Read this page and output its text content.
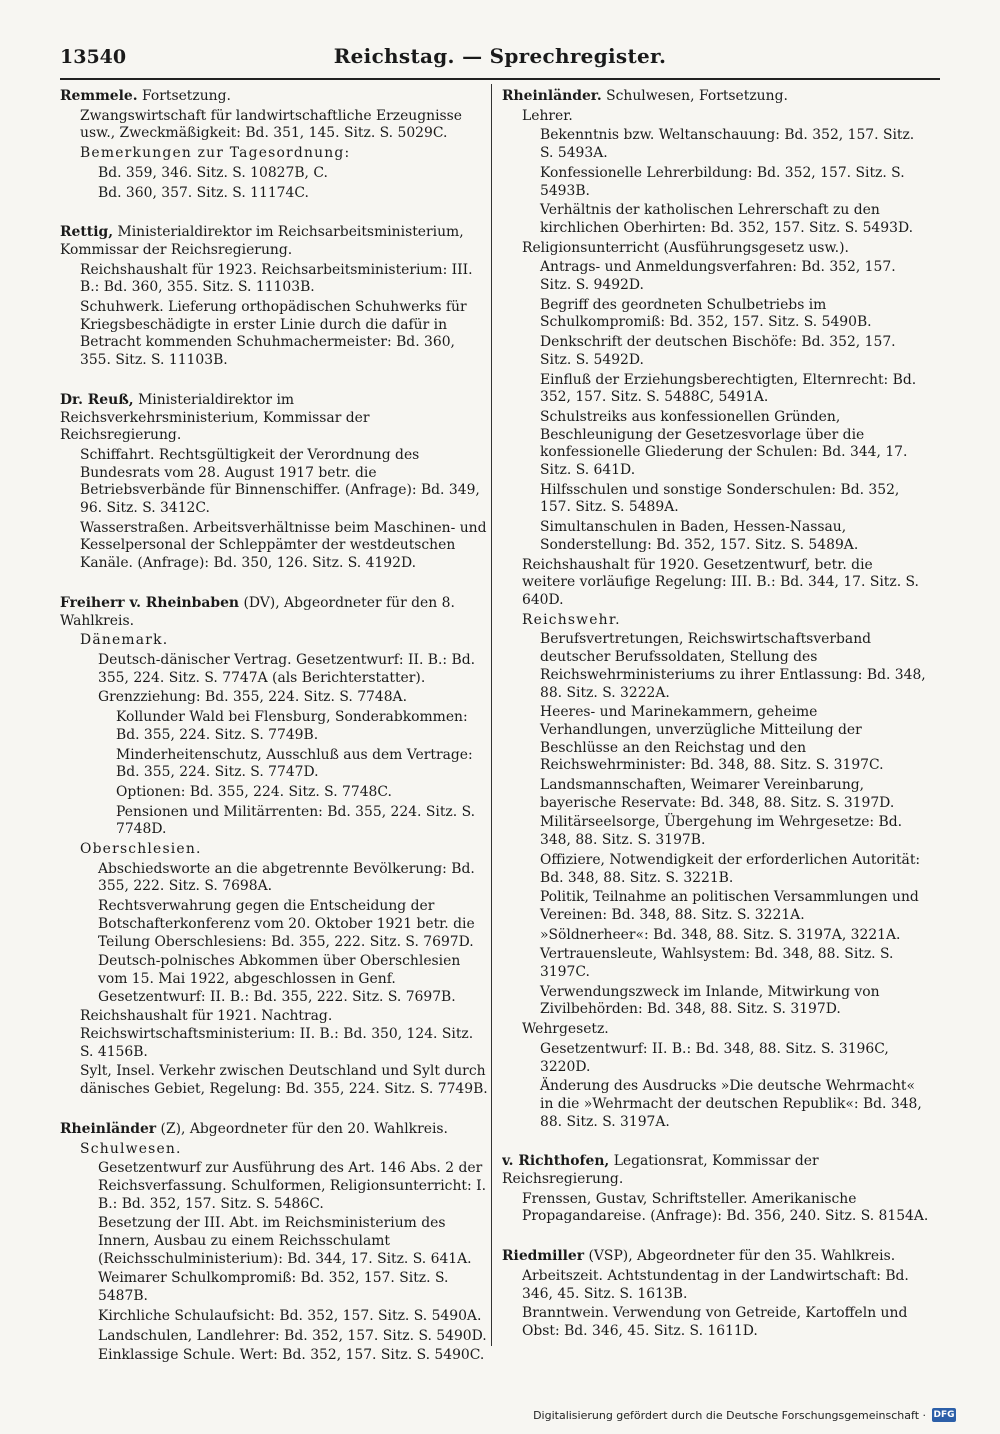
13540	Reichstag. — Sprechregister.
Remmele. Fortsetzung.
Zwangswirtschaft für landwirtschaftliche Erzeugnisse usw., Zweckmäßigkeit: Bd. 351, 145. Sitz. S. 5029C.
Bemerkungen zur Tagesordnung:
Bd. 359, 346. Sitz. S. 10827B, C.
Bd. 360, 357. Sitz. S. 11174C.
Rettig, Ministerialdirektor im Reichsarbeitsministerium, Kommissar der Reichsregierung.
Reichshaushalt für 1923. Reichsarbeitsministerium: III. B.: Bd. 360, 355. Sitz. S. 11103B.
Schuhwerk. Lieferung orthopädischen Schuhwerks für Kriegsbeschädigte in erster Linie durch die dafür in Betracht kommenden Schuhmachermeister: Bd. 360, 355. Sitz. S. 11103B.
Dr. Reuß, Ministerialdirektor im Reichsverkehrsministerium, Kommissar der Reichsregierung.
Schiffahrt. Rechtsgültigkeit der Verordnung des Bundesrats vom 28. August 1917 betr. die Betriebsverbände für Binnenschiffer. (Anfrage): Bd. 349, 96. Sitz. S. 3412C.
Wasserstraßen. Arbeitsverhältnisse beim Maschinen- und Kesselpersonal der Schleppämter der westdeutschen Kanäle. (Anfrage): Bd. 350, 126. Sitz. S. 4192D.
Freiherr v. Rheinbaben (DV), Abgeordneter für den 8. Wahlkreis.
Dänemark.
Deutsch-dänischer Vertrag. Gesetzentwurf: II. B.: Bd. 355, 224. Sitz. S. 7747A (als Berichterstatter).
Grenzziehung: Bd. 355, 224. Sitz. S. 7748A.
Kollunder Wald bei Flensburg, Sonderabkommen: Bd. 355, 224. Sitz. S. 7749B.
Minderheitenschutz, Ausschluß aus dem Vertrage: Bd. 355, 224. Sitz. S. 7747D.
Optionen: Bd. 355, 224. Sitz. S. 7748C.
Pensionen und Militärrenten: Bd. 355, 224. Sitz. S. 7748D.
Oberschlesien.
Abschiedsworte an die abgetrennte Bevölkerung: Bd. 355, 222. Sitz. S. 7698A.
Rechtsverwahrung gegen die Entscheidung der Botschafterkonferenz vom 20. Oktober 1921 betr. die Teilung Oberschlesiens: Bd. 355, 222. Sitz. S. 7697D.
Deutsch-polnisches Abkommen über Oberschlesien vom 15. Mai 1922, abgeschlossen in Genf. Gesetzentwurf: II. B.: Bd. 355, 222. Sitz. S. 7697B.
Reichshaushalt für 1921. Nachtrag. Reichswirtschaftsministerium: II. B.: Bd. 350, 124. Sitz. S. 4156B.
Sylt, Insel. Verkehr zwischen Deutschland und Sylt durch dänisches Gebiet, Regelung: Bd. 355, 224. Sitz. S. 7749B.
Rheinländer (Z), Abgeordneter für den 20. Wahlkreis.
Schulwesen.
Gesetzentwurf zur Ausführung des Art. 146 Abs. 2 der Reichsverfassung. Schulformen, Religionsunterricht: I. B.: Bd. 352, 157. Sitz. S. 5486C.
Besetzung der III. Abt. im Reichsministerium des Innern, Ausbau zu einem Reichsschulamt (Reichsschulministerium): Bd. 344, 17. Sitz. S. 641A.
Weimarer Schulkompromiß: Bd. 352, 157. Sitz. S. 5487B.
Kirchliche Schulaufsicht: Bd. 352, 157. Sitz. S. 5490A.
Landschulen, Landlehrer: Bd. 352, 157. Sitz. S. 5490D.
Einklassige Schule. Wert: Bd. 352, 157. Sitz. S. 5490C.
Rheinländer. Schulwesen, Fortsetzung.
Lehrer.
Bekenntnis bzw. Weltanschauung: Bd. 352, 157. Sitz. S. 5493A.
Konfessionelle Lehrerbildung: Bd. 352, 157. Sitz. S. 5493B.
Verhältnis der katholischen Lehrerschaft zu den kirchlichen Oberhirten: Bd. 352, 157. Sitz. S. 5493D.
Religionsunterricht (Ausführungsgesetz usw.).
Antrags- und Anmeldungsverfahren: Bd. 352, 157. Sitz. S. 9492D.
Begriff des geordneten Schulbetriebs im Schulkompromiß: Bd. 352, 157. Sitz. S. 5490B.
Denkschrift der deutschen Bischöfe: Bd. 352, 157. Sitz. S. 5492D.
Einfluß der Erziehungsberechtigten, Elternrecht: Bd. 352, 157. Sitz. S. 5488C, 5491A.
Schulstreiks aus konfessionellen Gründen, Beschleunigung der Gesetzesvorlage über die konfessionelle Gliederung der Schulen: Bd. 344, 17. Sitz. S. 641D.
Hilfsschulen und sonstige Sonderschulen: Bd. 352, 157. Sitz. S. 5489A.
Simultanschulen in Baden, Hessen-Nassau, Sonderstellung: Bd. 352, 157. Sitz. S. 5489A.
Reichshaushalt für 1920. Gesetzentwurf, betr. die weitere vorläufige Regelung: III. B.: Bd. 344, 17. Sitz. S. 640D.
Reichswehr.
Berufsvertretungen, Reichswirtschaftsverband deutscher Berufssoldaten, Stellung des Reichswehrministeriums zu ihrer Entlassung: Bd. 348, 88. Sitz. S. 3222A.
Heeres- und Marinekammern, geheime Verhandlungen, unverzügliche Mitteilung der Beschlüsse an den Reichstag und den Reichswehrminister: Bd. 348, 88. Sitz. S. 3197C.
Landsmannschaften, Weimarer Vereinbarung, bayerische Reservate: Bd. 348, 88. Sitz. S. 3197D.
Militärseelsorge, Übergehung im Wehrgesetze: Bd. 348, 88. Sitz. S. 3197B.
Offiziere, Notwendigkeit der erforderlichen Autorität: Bd. 348, 88. Sitz. S. 3221B.
Politik, Teilnahme an politischen Versammlungen und Vereinen: Bd. 348, 88. Sitz. S. 3221A.
»Söldnerheer«: Bd. 348, 88. Sitz. S. 3197A, 3221A.
Vertrauensleute, Wahlsystem: Bd. 348, 88. Sitz. S. 3197C.
Verwendungszweck im Inlande, Mitwirkung von Zivilbehörden: Bd. 348, 88. Sitz. S. 3197D.
Wehrgesetz.
Gesetzentwurf: II. B.: Bd. 348, 88. Sitz. S. 3196C, 3220D.
Änderung des Ausdrucks »Die deutsche Wehrmacht« in die »Wehrmacht der deutschen Republik«: Bd. 348, 88. Sitz. S. 3197A.
v. Richthofen, Legationsrat, Kommissar der Reichsregierung.
Frenssen, Gustav, Schriftsteller. Amerikanische Propagandareise. (Anfrage): Bd. 356, 240. Sitz. S. 8154A.
Riedmiller (VSP), Abgeordneter für den 35. Wahlkreis.
Arbeitszeit. Achtstundentag in der Landwirtschaft: Bd. 346, 45. Sitz. S. 1613B.
Branntwein. Verwendung von Getreide, Kartoffeln und Obst: Bd. 346, 45. Sitz. S. 1611D.
Digitalisierung gefördert durch die Deutsche Forschungsgemeinschaft · DFG
